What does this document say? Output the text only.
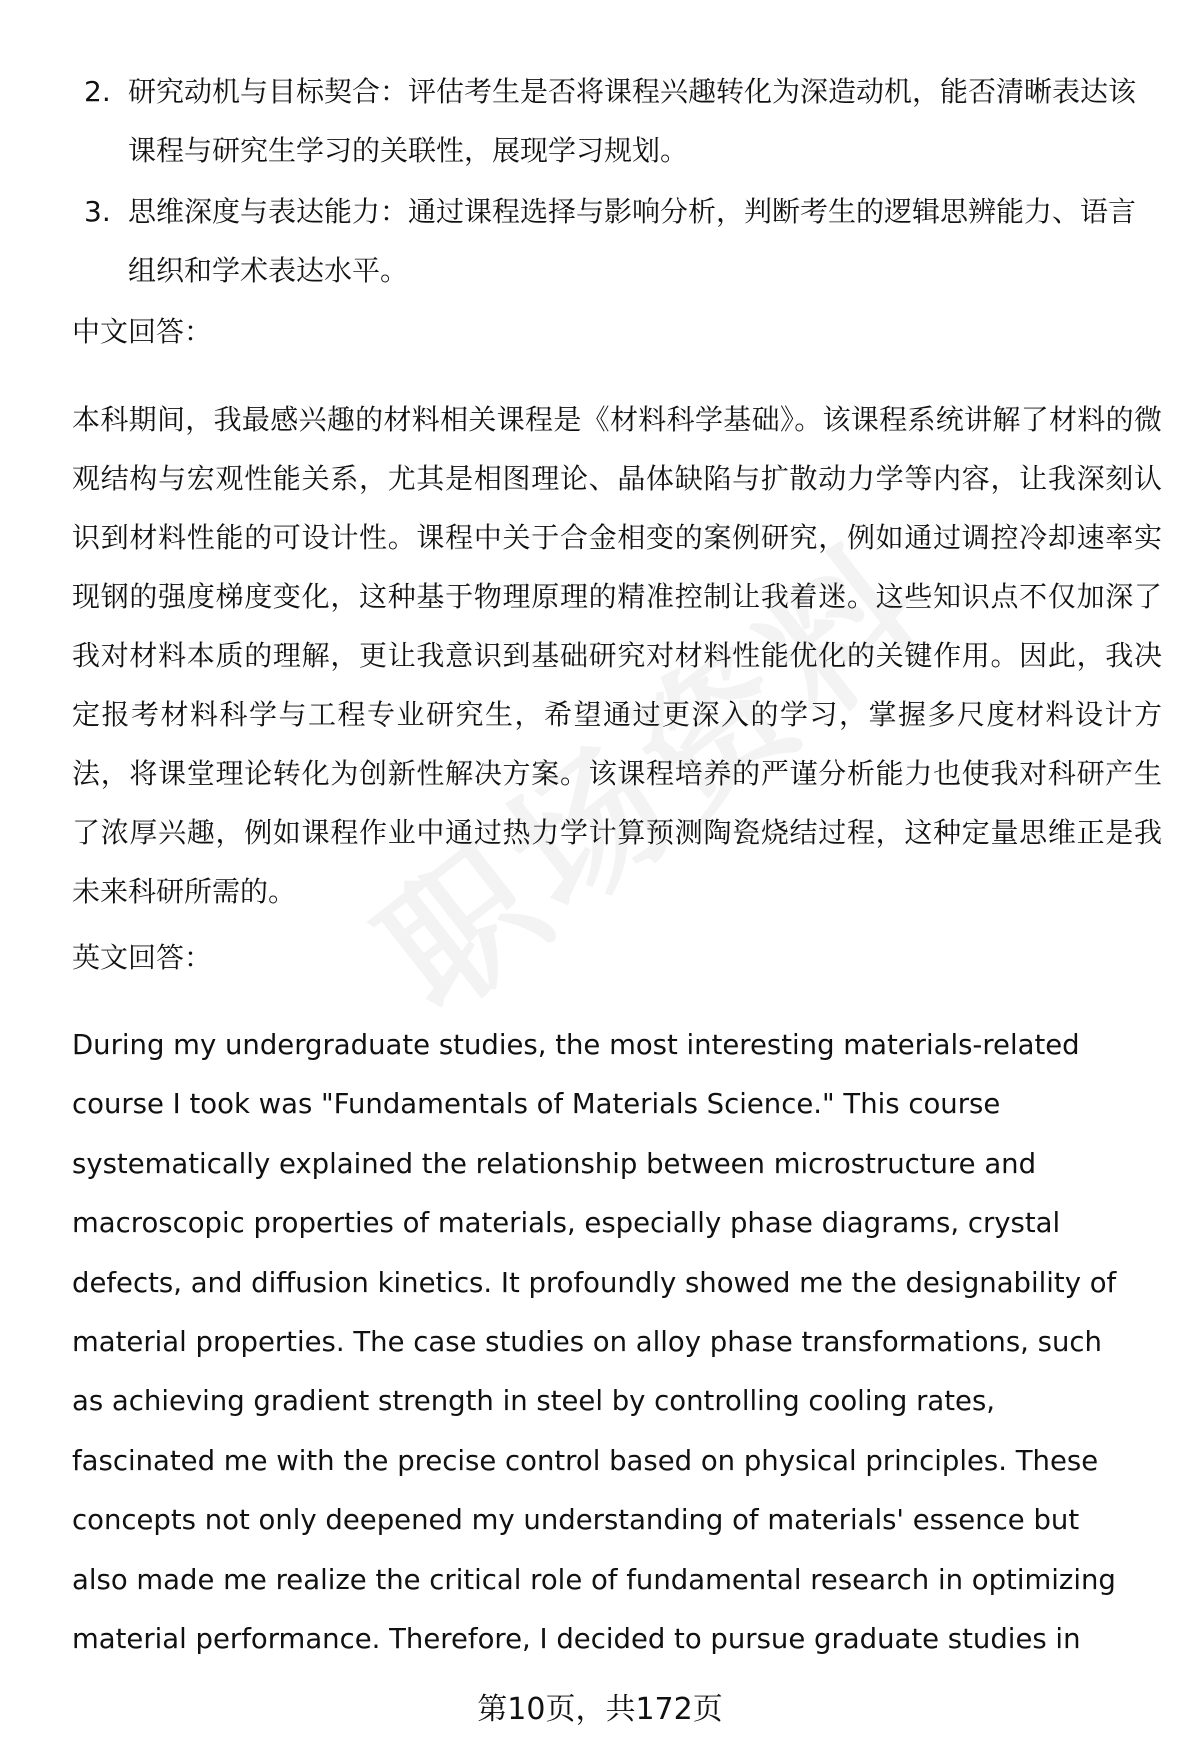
2. 研究动机与目标契合：评估考生是否将课程兴趣转化为深造动机，能否清晰表达该课程与研究生学习的关联性，展现学习规划。
3. 思维深度与表达能力：通过课程选择与影响分析，判断考生的逻辑思辨能力、语言组织和学术表达水平。
中文回答：

本科期间，我最感兴趣的材料相关课程是《材料科学基础》。该课程系统讲解了材料的微观结构与宏观性能关系，尤其是相图理论、晶体缺陷与扩散动力学等内容，让我深刻认识到材料性能的可设计性。课程中关于合金相变的案例研究，例如通过调控冷却速率实现钢的强度梯度变化，这种基于物理原理的精准控制让我着迷。这些知识点不仅加深了我对材料本质的理解，更让我意识到基础研究对材料性能优化的关键作用。因此，我决定报考材料科学与工程专业研究生，希望通过更深入的学习，掌握多尺度材料设计方法，将课堂理论转化为创新性解决方案。该课程培养的严谨分析能力也使我对科研产生了浓厚兴趣，例如课程作业中通过热力学计算预测陶瓷烧结过程，这种定量思维正是我未来科研所需的。

英文回答：
During my undergraduate studies, the most interesting materials-related
course I took was "Fundamentals of Materials Science." This course
systematically explained the relationship between microstructure and
macroscopic properties of materials, especially phase diagrams, crystal
defects, and diffusion kinetics. It profoundly showed me the designability of
material properties. The case studies on alloy phase transformations, such
as achieving gradient strength in steel by controlling cooling rates,
fascinated me with the precise control based on physical principles. These
concepts not only deepened my understanding of materials' essence but
also made me realize the critical role of fundamental research in optimizing
material performance. Therefore, I decided to pursue graduate studies in
第10页，共172页
